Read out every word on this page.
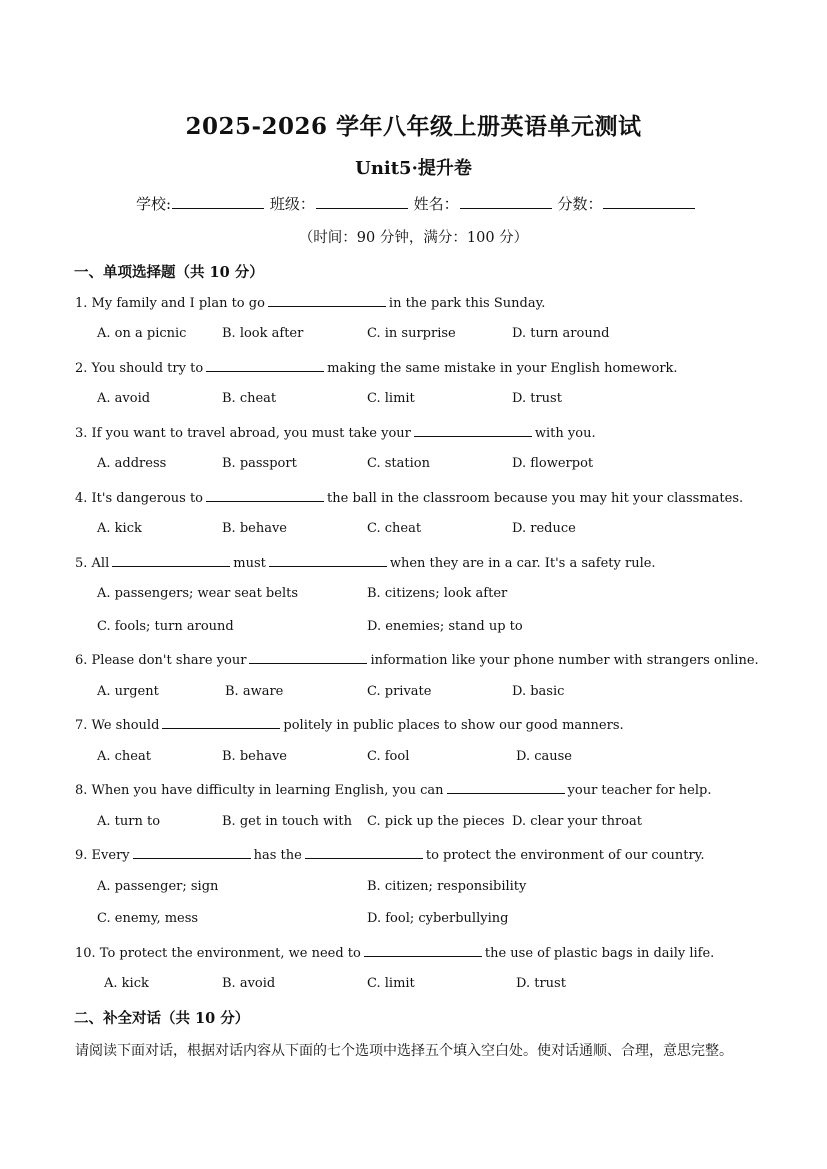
2025-2026 学年八年级上册英语单元测试
Unit5·提升卷
学校:	班级：	姓名：	分数：
（时间：90 分钟，满分：100 分）
一、单项选择题（共 10 分）
1. My family and I plan to go	in the park this Sunday.
A. on a picnic	B. look after	C. in surprise	D. turn around
2. You should try to	making the same mistake in your English homework.
A. avoid	B. cheat	C. limit	D. trust
3. If you want to travel abroad, you must take your	with you.
A. address	B. passport	C. station	D. flowerpot
4. It's dangerous to	the ball in the classroom because you may hit your classmates.
A. kick	B. behave	C. cheat	D. reduce
5. All	must	when they are in a car. It's a safety rule.
A. passengers; wear seat belts	B. citizens; look after
C. fools; turn around	D. enemies; stand up to
6. Please don't share your	information like your phone number with strangers online.
A. urgent	B. aware	C. private	D. basic
7. We should	politely in public places to show our good manners.
A. cheat	B. behave	C. fool	D. cause
8. When you have difficulty in learning English, you can	your teacher for help.
A. turn to	B. get in touch with C. pick up the pieces D. clear your throat
9. Every	has the	to protect the environment of our country.
A. passenger; sign	B. citizen; responsibility
C. enemy, mess	D. fool; cyberbullying
10. To protect the environment, we need to	the use of plastic bags in daily life.
A. kick	B. avoid	C. limit	D. trust
二、补全对话（共 10 分）
请阅读下面对话，根据对话内容从下面的七个选项中选择五个填入空白处。使对话通顺、合理，意思完整。
